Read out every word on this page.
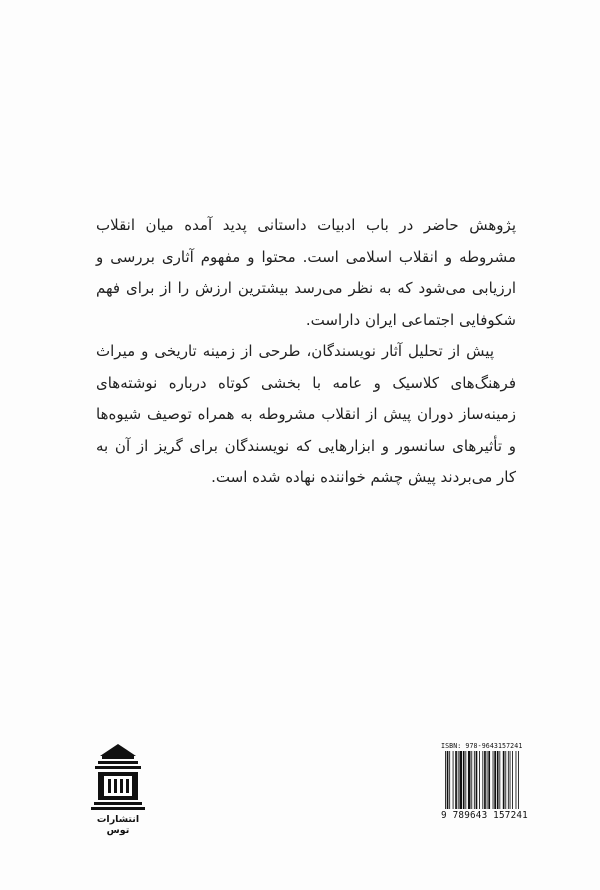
پژوهش حاضر در باب ادبیات داستانی پدید آمده میان انقلاب مشروطه و انقلاب اسلامی است. محتوا و مفهوم آثاری بررسی و ارزیابی می‌شود که به نظر می‌رسد بیشترین ارزش را از برای فهم شکوفایی اجتماعی ایران داراست.

پیش از تحلیل آثار نویسندگان، طرحی از زمینه تاریخی و میراث فرهنگ‌های کلاسیک و عامه با بخشی کوتاه درباره نوشته‌های زمینه‌ساز دوران پیش از انقلاب مشروطه به همراه توصیف شیوه‌ها و تأثیرهای سانسور و ابزارهایی که نویسندگان برای گریز از آن به کار می‌بردند پیش چشم خواننده نهاده شده است.

انتشارات توس
ISBN: 978-9643157241
9 789643 157241
